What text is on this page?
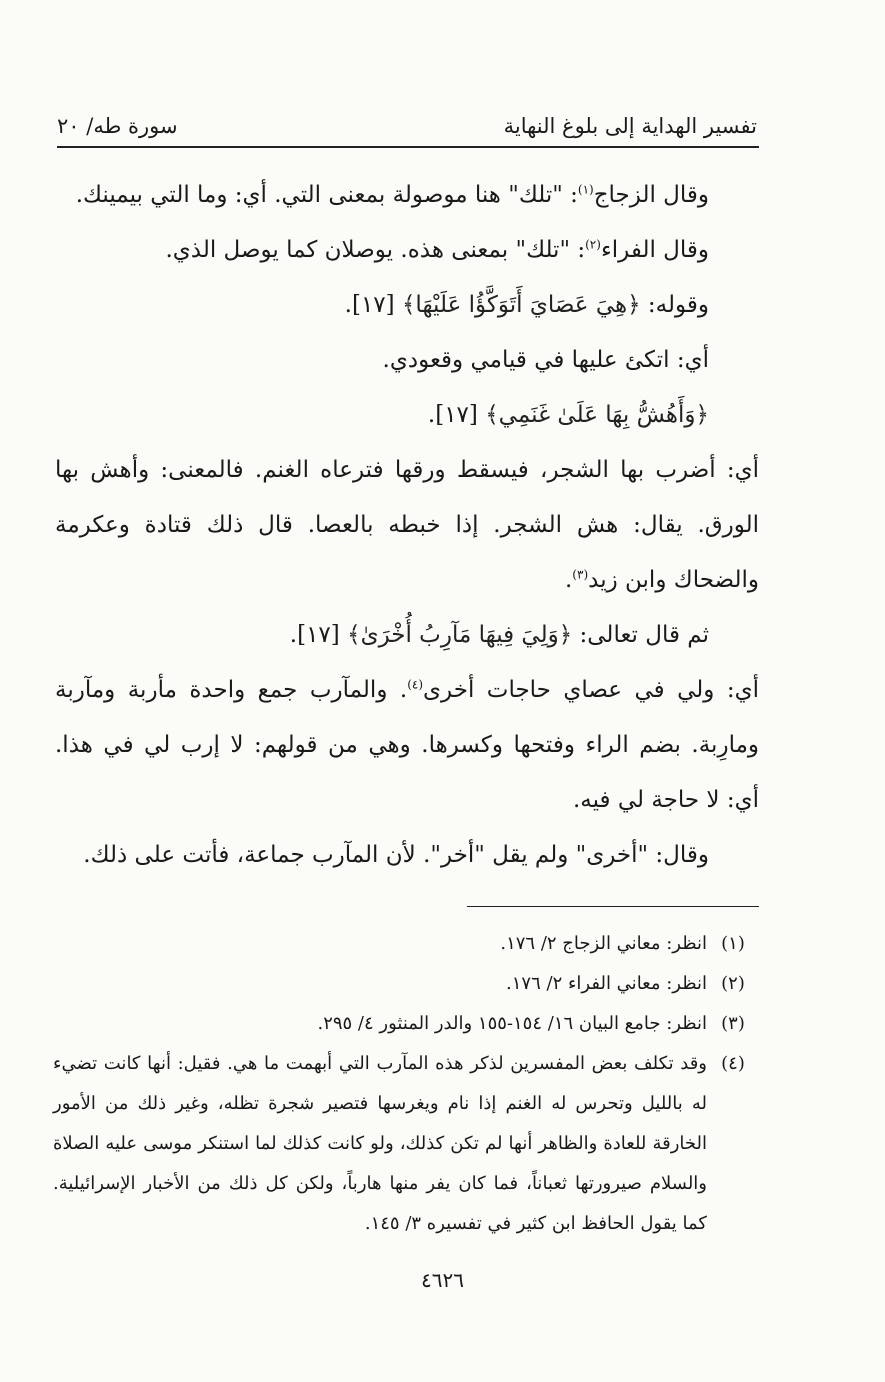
تفسير الهداية إلى بلوغ النهاية
سورة طه/ ٢٠

وقال الزجاج$^{(١)}$: "تلك" هنا موصولة بمعنى التي. أي: وما التي بيمينك.

وقال الفراء$^{(٢)}$: "تلك" بمعنى هذه. يوصلان كما يوصل الذي.

وقوله: ﴿هِيَ عَصَايَ أَتَوَكَّؤُا عَلَيْهَا﴾ [١٧].

أي: اتكئ عليها في قيامي وقعودي.

﴿وَأَهُشُّ بِهَا عَلَىٰ غَنَمِي﴾ [١٧].

أي: أضرب بها الشجر، فيسقط ورقها فترعاه الغنم. فالمعنى: وأهش بها الورق. يقال: هش الشجر. إذا خبطه بالعصا. قال ذلك قتادة وعكرمة والضحاك وابن زيد$^{(٣)}$.

ثم قال تعالى: ﴿وَلِيَ فِيهَا مَآرِبُ أُخْرَىٰ﴾ [١٧].

أي: ولي في عصاي حاجات أخرى$^{(٤)}$. والمآرب جمع واحدة مأربة ومآربة ومارِبة. بضم الراء وفتحها وكسرها. وهي من قولهم: لا إرب لي في هذا. أي: لا حاجة لي فيه.

وقال: "أخرى" ولم يقل "أخر". لأن المآرب جماعة، فأتت على ذلك.

(١)
انظر: معاني الزجاج ٢/ ١٧٦.

(٢)
انظر: معاني الفراء ٢/ ١٧٦.

(٣)
انظر: جامع البيان ١٦/ ١٥٤-١٥٥ والدر المنثور ٤/ ٢٩٥.

(٤)
وقد تكلف بعض المفسرين لذكر هذه المآرب التي أبهمت ما هي. فقيل: أنها كانت تضيء له بالليل وتحرس له الغنم إذا نام ويغرسها فتصير شجرة تظله، وغير ذلك من الأمور الخارقة للعادة والظاهر أنها لم تكن كذلك، ولو كانت كذلك لما استنكر موسى عليه الصلاة والسلام صيرورتها ثعباناً، فما كان يفر منها هارباً، ولكن كل ذلك من الأخبار الإسرائيلية. كما يقول الحافظ ابن كثير في تفسيره ٣/ ١٤٥.

٤٦٢٦
